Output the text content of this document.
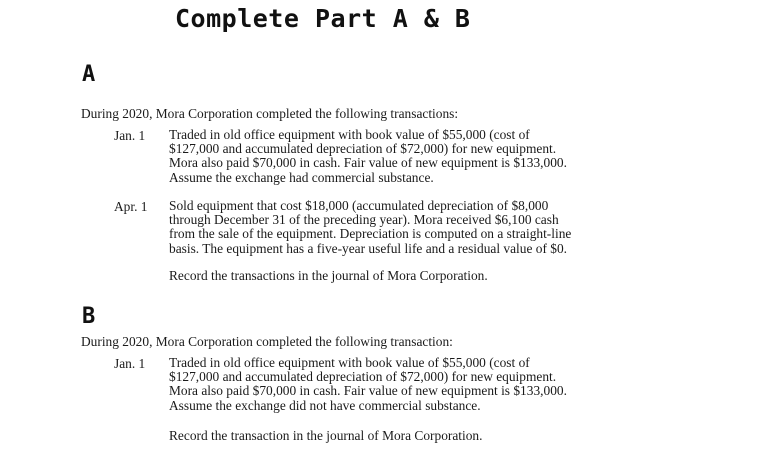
Complete Part A & B
A
During 2020, Mora Corporation completed the following transactions:
Jan. 1	Traded in old office equipment with book value of $55,000 (cost of
$127,000 and accumulated depreciation of $72,000) for new equipment.
Mora also paid $70,000 in cash. Fair value of new equipment is $133,000.
Assume the exchange had commercial substance.
Apr. 1	Sold equipment that cost $18,000 (accumulated depreciation of $8,000
through December 31 of the preceding year). Mora received $6,100 cash
from the sale of the equipment. Depreciation is computed on a straight-line
basis. The equipment has a five-year useful life and a residual value of $0.
Record the transactions in the journal of Mora Corporation.
B
During 2020, Mora Corporation completed the following transaction:
Jan. 1	Traded in old office equipment with book value of $55,000 (cost of
$127,000 and accumulated depreciation of $72,000) for new equipment.
Mora also paid $70,000 in cash. Fair value of new equipment is $133,000.
Assume the exchange did not have commercial substance.
Record the transaction in the journal of Mora Corporation.
